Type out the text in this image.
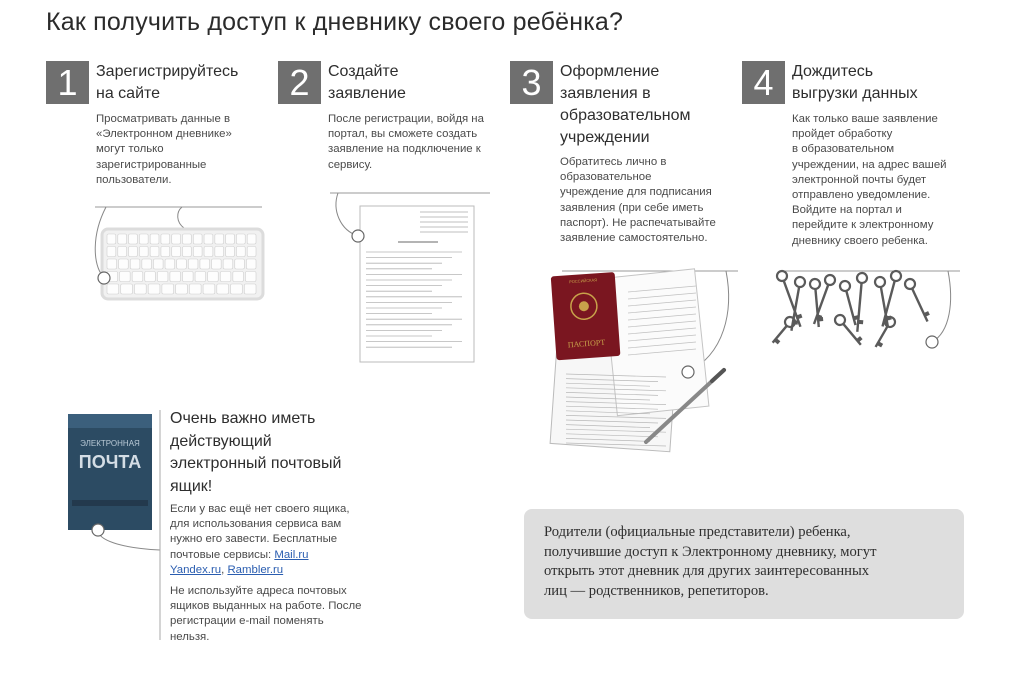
Как получить доступ к дневнику своего ребёнка?
1	Зарегистрируйтесь
на сайте
Просматривать данные в
«Электронном дневнике»
могут только
зарегистрированные
пользователи.
2	Создайте
заявление
После регистрации, войдя на
портал, вы сможете создать
заявление на подключение к
сервису.
3	Оформление
заявления в
образовательном
учреждении
Обратитесь лично в
образовательное
учреждение для подписания
заявления (при себе иметь
паспорт). Не распечатывайте
заявление самостоятельно.
4	Дождитесь
выгрузки данных
Как только ваше заявление
пройдет обработку
в образовательном
учреждении, на адрес вашей
электронной почты будет
отправлено уведомление.
Войдите на портал и
перейдите к электронному
дневнику своего ребенка.
РОССИЙСКАЯ
ПАСПОРТ
ЭЛЕКТРОННАЯ
ПОЧТА
Очень важно иметь
действующий
электронный почтовый
ящик!
Если у вас ещё нет своего ящика,
для использования сервиса вам
нужно его завести. Бесплатные
почтовые сервисы: Mail.ru
Yandex.ru, Rambler.ru
Не используйте адреса почтовых
ящиков выданных на работе. После
регистрации e-mail поменять
нельзя.
Родители (официальные представители) ребенка,
получившие доступ к Электронному дневнику, могут
открыть этот дневник для других заинтересованных
лиц — родственников, репетиторов.
